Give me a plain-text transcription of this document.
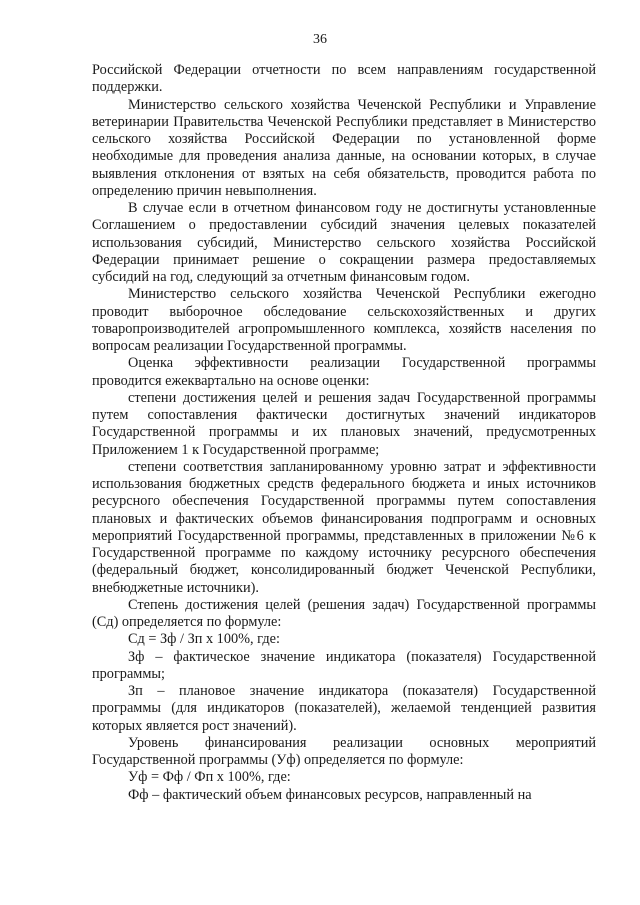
36

Российской Федерации отчетности по всем направлениям государственной поддержки.

Министерство сельского хозяйства Чеченской Республики и Управление ветеринарии Правительства Чеченской Республики представляет в Министерство сельского хозяйства Российской Федерации по установленной форме необходимые для проведения анализа данные, на основании которых, в случае выявления отклонения от взятых на себя обязательств, проводится работа по определению причин невыполнения.

В случае если в отчетном финансовом году не достигнуты установленные Соглашением о предоставлении субсидий значения целевых показателей использования субсидий, Министерство сельского хозяйства Российской Федерации принимает решение о сокращении размера предоставляемых субсидий на год, следующий за отчетным финансовым годом.

Министерство сельского хозяйства Чеченской Республики ежегодно проводит выборочное обследование сельскохозяйственных и других товаропроизводителей агропромышленного комплекса, хозяйств населения по вопросам реализации Государственной программы.

Оценка эффективности реализации Государственной программы проводится ежеквартально на основе оценки:

степени достижения целей и решения задач Государственной программы путем сопоставления фактически достигнутых значений индикаторов Государственной программы и их плановых значений, предусмотренных Приложением 1 к Государственной программе;

степени соответствия запланированному уровню затрат и эффективности использования бюджетных средств федерального бюджета и иных источников ресурсного обеспечения Государственной программы путем сопоставления плановых и фактических объемов финансирования подпрограмм и основных мероприятий Государственной программы, представленных в приложении №6 к Государственной программе по каждому источнику ресурсного обеспечения (федеральный бюджет, консолидированный бюджет Чеченской Республики, внебюджетные источники).

Степень достижения целей (решения задач) Государственной программы (Сд) определяется по формуле:

Сд = Зф / Зп х 100%, где:

Зф – фактическое значение индикатора (показателя) Государственной программы;

Зп – плановое значение индикатора (показателя) Государственной программы (для индикаторов (показателей), желаемой тенденцией развития которых является рост значений).

Уровень финансирования реализации основных мероприятий Государственной программы (Уф) определяется по формуле:

Уф = Фф / Фп х 100%, где:

Фф – фактический объем финансовых ресурсов, направленный на
